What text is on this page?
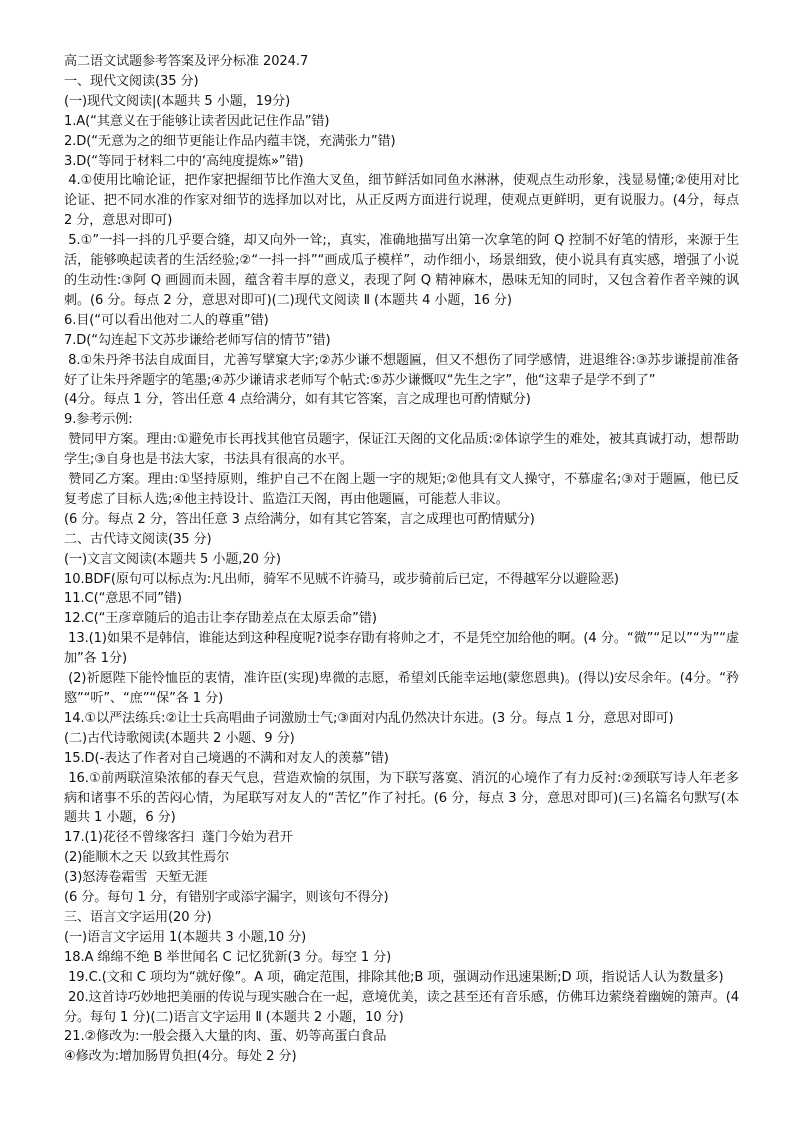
高二语文试题参考答案及评分标准 2024.7

一、现代文阅读(35 分)

(一)现代文阅读|(本题共 5 小题，19分)

1.A(“其意义在于能够让读者因此记住作品”错)

2.D(“无意为之的细节更能让作品内蕴丰饶，充满张力”错)

3.D(“等同于材料二中的‘高纯度提炼»”错)

4.①使用比喻论证，把作家把握细节比作渔大叉鱼，细节鲜活如同鱼水淋淋，使观点生动形象，浅显易懂;②使用对比论证、把不同水准的作家对细节的选择加以对比，从正反两方面进行说理，使观点更鲜明，更有说服力。(4分，每点 2 分，意思对即可)

5.①”一抖一抖的几乎要合缝，却又向外一耸;，真实，准确地描写出第一次拿笔的阿 Q 控制不好笔的情形，来源于生活，能够唤起读者的生活经验;②“一抖一抖”“画成瓜子模样”，动作细小，场景细致，使小说具有真实感，增强了小说的生动性:③阿 Q 画圆而未圆，蕴含着丰厚的意义，表现了阿 Q 精神麻木，愚味无知的同时，又包含着作者辛辣的讽刺。(6 分。每点 2 分，意思对即可)(二)现代文阅读 Ⅱ (本题共 4 小题，16 分)

6.目(“可以看出他对二人的尊重”错)

7.D(“勾连起下文苏步谦给老师写信的情节”错)

8.①朱丹斧书法自成面目，尤善写擘窠大字;②苏少谦不想题匾，但又不想伤了同学感情，进退维谷:③苏步谦提前准备好了让朱丹斧题字的笔墨;④苏少谦请求老师写个帖式:⑤苏少谦慨叹“先生之字”，他“这辈子是学不到了”

(4分。每点 1 分，答出任意 4 点给满分，如有其它答案，言之成理也可酌情赋分)

9.参考示例:

赞同甲方案。理由:①避免市长再找其他官员题字，保证江天阁的文化品质:②体谅学生的难处，被其真诚打动，想帮助学生;③自身也是书法大家，书法具有很高的水平。

赞同乙方案。理由:①坚持原则，维护自己不在阁上题一字的规矩;②他具有文人操守，不慕虚名;③对于题匾，他已反复考虑了目标人选;④他主持设计、监造江天阁，再由他题匾，可能惹人非议。

(6 分。每点 2 分，答出任意 3 点给满分，如有其它答案，言之成理也可酌情赋分)

二、古代诗文阅读(35 分)

(一)文言文阅读(本题共 5 小题,20 分)

10.BDF(原句可以标点为:凡出师，骑军不见贼不许骑马，或步骑前后已定，不得越军分以避险恶)

11.C(“意思不同”错)

12.C(“王彦章随后的追击让李存勖差点在太原丢命”错)

13.(1)如果不是韩信，谁能达到这种程度呢?说李存勖有将帅之才，不是凭空加给他的啊。(4 分。“微”“足以”“为”“虚加”各 1分)

(2)祈愿陛下能怜恤臣的衷情，准许臣(实现)卑微的志愿，希望刘氏能幸运地(蒙您恩典)。(得以)安尽余年。(4分。“矜愍”“听”、“庶”“保”各 1 分)

14.①以严法练兵:②让士兵高唱曲子词激励士气;③面对内乱仍然决计东进。(3 分。每点 1 分，意思对即可)

(二)古代诗歌阅读(本题共 2 小题、9 分)

15.D(-表达了作者对自己境遇的不满和对友人的羡慕”错)

16.①前两联渲染浓郁的春天气息，营造欢愉的氛围，为下联写落寞、消沉的心境作了有力反衬:②颈联写诗人年老多病和诸事不乐的苦闷心情，为尾联写对友人的“苦忆”作了衬托。(6 分，每点 3 分，意思对即可)(三)名篇名句默写(本题共 1 小题，6 分)

17.(1)花径不曾缘客扫  蓬门今始为君开

(2)能顺木之天 以致其性焉尔

(3)怒涛卷霜雪  天堑无涯

(6 分。每句 1 分，有错别字或添字漏字，则该句不得分)

三、语言文字运用(20 分)

(一)语言文字运用 1(本题共 3 小题,10 分)

18.A 绵绵不绝 B 举世闻名 C 记忆犹新(3 分。每空 1 分)

19.C.(文和 C 项均为“就好像”。A 项，确定范围，排除其他;B 项，强调动作迅速果断;D 项，指说话人认为数量多)

20.这首诗巧妙地把美丽的传说与现实融合在一起，意境优美，读之甚至还有音乐感，仿佛耳边萦绕着幽婉的箫声。(4分。每句 1 分)(二)语言文字运用 Ⅱ (本题共 2 小题，10 分)

21.②修改为:一般会摄入大量的肉、蛋、奶等高蛋白食品

④修改为:增加肠胃负担(4分。每处 2 分)
